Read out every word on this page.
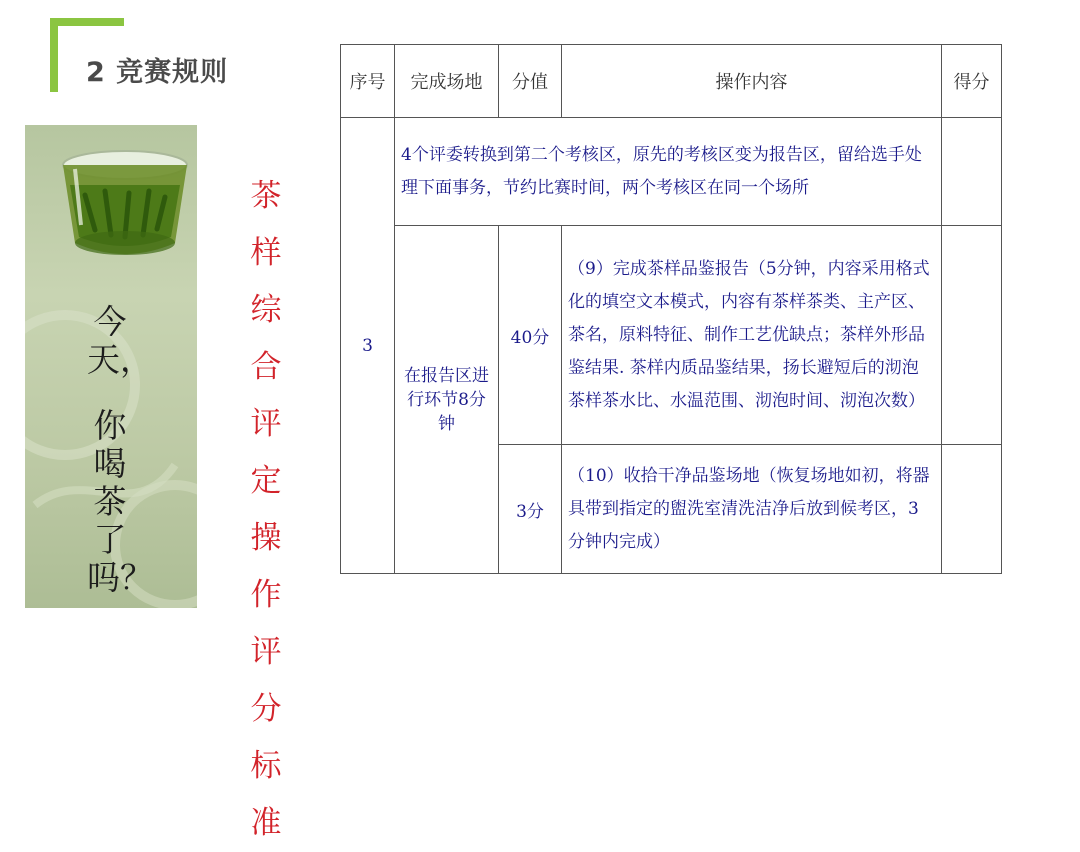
2 竞赛规则
今天，
你喝茶了吗？
茶样综合评定操作评分标准
序号	完成场地	分值	操作内容	得分
3	4个评委转换到第二个考核区，原先的考核区变为报告区，留给选手处理下面事务，节约比赛时间，两个考核区在同一个场所			
	在报告区进行环节8分钟	40分	（9）完成茶样品鉴报告（5分钟，内容采用格式化的填空文本模式，内容有茶样茶类、主产区、茶名，原料特征、制作工艺优缺点；茶样外形品鉴结果. 茶样内质品鉴结果，扬长避短后的沏泡茶样茶水比、水温范围、沏泡时间、沏泡次数）	
		3分	（10）收拾干净品鉴场地（恢复场地如初，将器具带到指定的盥洗室清洗洁净后放到候考区，3分钟内完成）	
